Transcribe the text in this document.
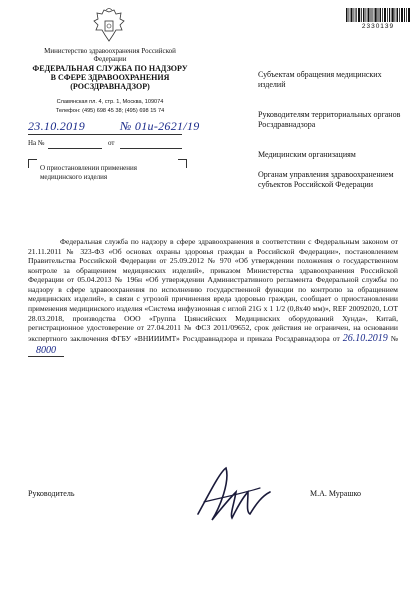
Министерство здравоохранения Российской Федерации
ФЕДЕРАЛЬНАЯ СЛУЖБА ПО НАДЗОРУ В СФЕРЕ ЗДРАВООХРАНЕНИЯ (РОСЗДРАВНАДЗОР)
Славянская пл. 4, стр. 1, Москва, 109074
Телефон: (495) 698 45 38; (495) 698 15 74
23.10.2019	№ 01и-2621/19
На №	от
О приостановлении применения медицинского изделия
2330139
Субъектам обращения медицинских изделий
Руководителям территориальных органов Росздравнадзора
Медицинским организациям
Органам управления здравоохранением субъектов Российской Федерации
Федеральная служба по надзору в сфере здравоохранения в соответствии с Федеральным законом от 21.11.2011 № 323-ФЗ «Об основах охраны здоровья граждан в Российской Федерации», постановлением Правительства Российской Федерации от 25.09.2012 № 970 «Об утверждении положения о государственном контроле за обращением медицинских изделий», приказом Министерства здравоохранения Российской Федерации от 05.04.2013 № 196н «Об утверждении Административного регламента Федеральной службы по надзору в сфере здравоохранения по исполнению государственной функции по контролю за обращением медицинских изделий», в связи с угрозой причинения вреда здоровью граждан, сообщает о приостановлении применения медицинского изделия «Система инфузионная с иглой 21G x 1 1/2 (0,8x40 мм)», REF 20092020, LOT 28.03.2018, производства ООО «Группа Цзянсийских Медицинских оборудований Хунда», Китай, регистрационное удостоверение от 27.04.2011 № ФСЗ 2011/09652, срок действия не ограничен, на основании экспертного заключения ФГБУ «ВНИИИМТ» Росздравнадзора и приказа Росздравнадзора от 26.10.2019 № 8000
Руководитель	М.А. Мурашко
